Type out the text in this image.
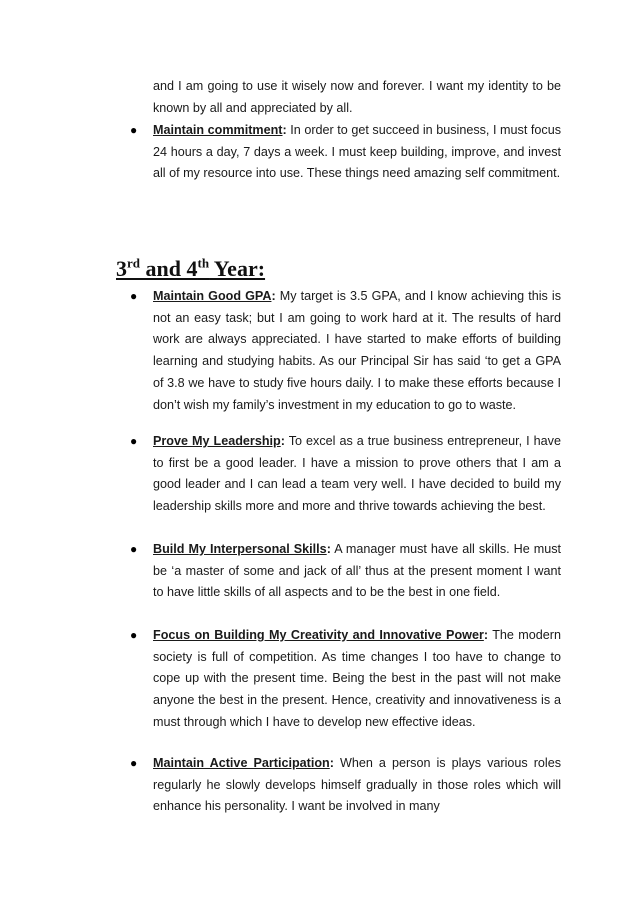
and I am going to use it wisely now and forever. I want my identity to be known by all and appreciated by all.
● Maintain commitment: In order to get succeed in business, I must focus 24 hours a day, 7 days a week. I must keep building, improve, and invest all of my resource into use. These things need amazing self commitment.
3rd and 4th Year:
● Maintain Good GPA: My target is 3.5 GPA, and I know achieving this is not an easy task; but I am going to work hard at it. The results of hard work are always appreciated. I have started to make efforts of building learning and studying habits. As our Principal Sir has said ‘to get a GPA of 3.8 we have to study five hours daily. I to make these efforts because I don’t wish my family’s investment in my education to go to waste.
● Prove My Leadership: To excel as a true business entrepreneur, I have to first be a good leader. I have a mission to prove others that I am a good leader and I can lead a team very well. I have decided to build my leadership skills more and more and thrive towards achieving the best.
● Build My Interpersonal Skills: A manager must have all skills. He must be ‘a master of some and jack of all’ thus at the present moment I want to have little skills of all aspects and to be the best in one field.
● Focus on Building My Creativity and Innovative Power: The modern society is full of competition. As time changes I too have to change to cope up with the present time. Being the best in the past will not make anyone the best in the present. Hence, creativity and innovativeness is a must through which I have to develop new effective ideas.
● Maintain Active Participation: When a person is plays various roles regularly he slowly develops himself gradually in those roles which will enhance his personality. I want be involved in many
